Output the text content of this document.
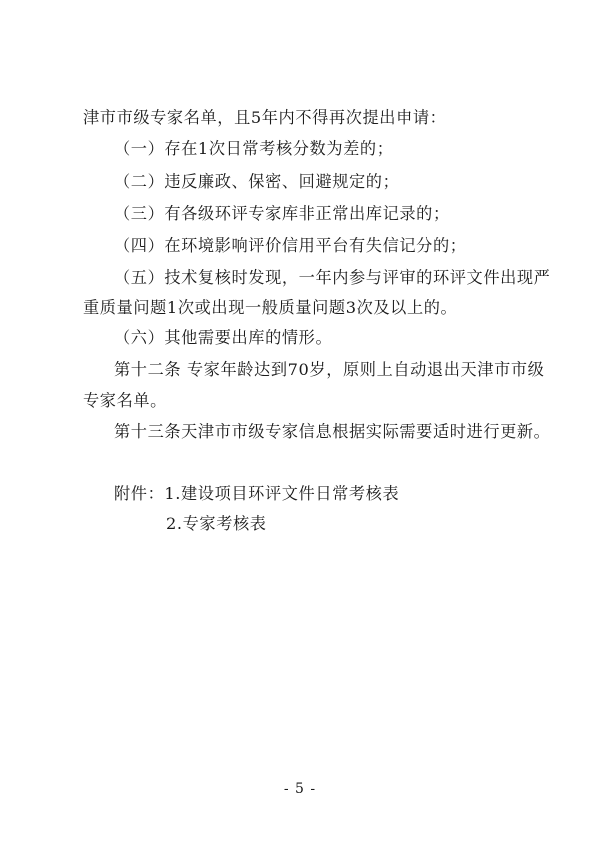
津市市级专家名单，且5年内不得再次提出申请：
（一）存在1次日常考核分数为差的；
（二）违反廉政、保密、回避规定的；
（三）有各级环评专家库非正常出库记录的；
（四）在环境影响评价信用平台有失信记分的；
（五）技术复核时发现，一年内参与评审的环评文件出现严
重质量问题1次或出现一般质量问题3次及以上的。
（六）其他需要出库的情形。
第十二条 专家年龄达到70岁，原则上自动退出天津市市级
专家名单。
第十三条天津市市级专家信息根据实际需要适时进行更新。
附件：1.建设项目环评文件日常考核表
2.专家考核表
- 5 -
